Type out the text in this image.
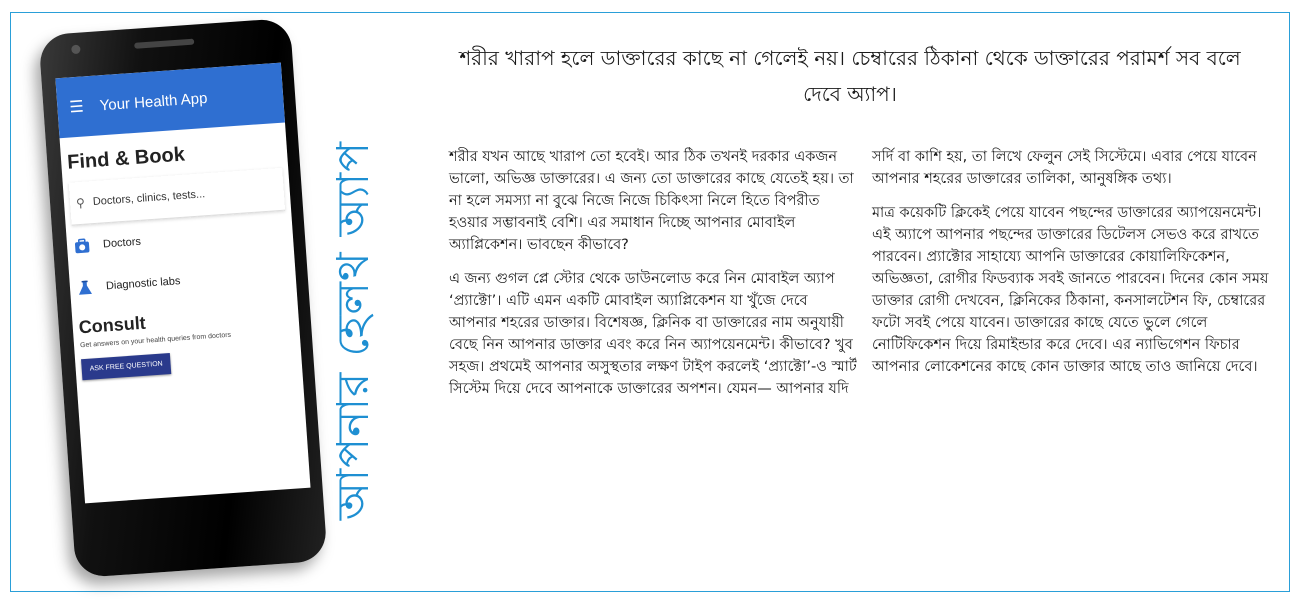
☰ Your Health App
Find & Book
⚲ Doctors, clinics, tests...
Doctors
Diagnostic labs
Consult
Get answers on your health queries from doctors
ASK FREE QUESTION	আপনার হেলথ অ্যাপ
শরীর খারাপ হলে ডাক্তারের কাছে না গেলেই নয়। চেম্বারের ঠিকানা থেকে ডাক্তারের পরামর্শ সব বলে দেবে অ্যাপ।

শরীর যখন আছে খারাপ তো হবেই। আর ঠিক তখনই দরকার একজন ভালো, অভিজ্ঞ ডাক্তারের। এ জন্য তো ডাক্তারের কাছে যেতেই হয়। তা না হলে সমস্যা না বুঝে নিজে নিজে চিকিৎসা নিলে হিতে বিপরীত হওয়ার সম্ভাবনাই বেশি। এর সমাধান দিচ্ছে আপনার মোবাইল অ্যাপ্লিকেশন। ভাবছেন কীভাবে?

এ জন্য গুগল প্লে স্টোর থেকে ডাউনলোড করে নিন মোবাইল অ্যাপ ‘প্র্যাক্টো’। এটি এমন একটি মোবাইল অ্যাপ্লিকেশন যা খুঁজে দেবে আপনার শহরের ডাক্তার। বিশেষজ্ঞ, ক্লিনিক বা ডাক্তারের নাম অনুযায়ী বেছে নিন আপনার ডাক্তার এবং করে নিন অ্যাপয়েনমেন্ট। কীভাবে? খুব সহজ। প্রথমেই আপনার অসুস্থতার লক্ষণ টাইপ করলেই ‘প্র্যাক্টো’-ও স্মার্ট সিস্টেম দিয়ে দেবে আপনাকে ডাক্তারের অপশন। যেমন— আপনার যদি

সর্দি বা কাশি হয়, তা লিখে ফেলুন সেই সিস্টেমে। এবার পেয়ে যাবেন আপনার শহরের ডাক্তারের তালিকা, আনুষঙ্গিক তথ্য।

মাত্র কয়েকটি ক্লিকেই পেয়ে যাবেন পছন্দের ডাক্তারের অ্যাপয়েনমেন্ট। এই অ্যাপে আপনার পছন্দের ডাক্তারের ডিটেলস সেভও করে রাখতে পারবেন। প্র্যাক্টোর সাহায্যে আপনি ডাক্তারের কোয়ালিফিকেশন, অভিজ্ঞতা, রোগীর ফিডব্যাক সবই জানতে পারবেন। দিনের কোন সময় ডাক্তার রোগী দেখবেন, ক্লিনিকের ঠিকানা, কনসালটেশন ফি, চেম্বারের ফটো সবই পেয়ে যাবেন। ডাক্তারের কাছে যেতে ভুলে গেলে নোটিফিকেশন দিয়ে রিমাইন্ডার করে দেবে। এর ন্যাভিগেশন ফিচার আপনার লোকেশনের কাছে কোন ডাক্তার আছে তাও জানিয়ে দেবে।
